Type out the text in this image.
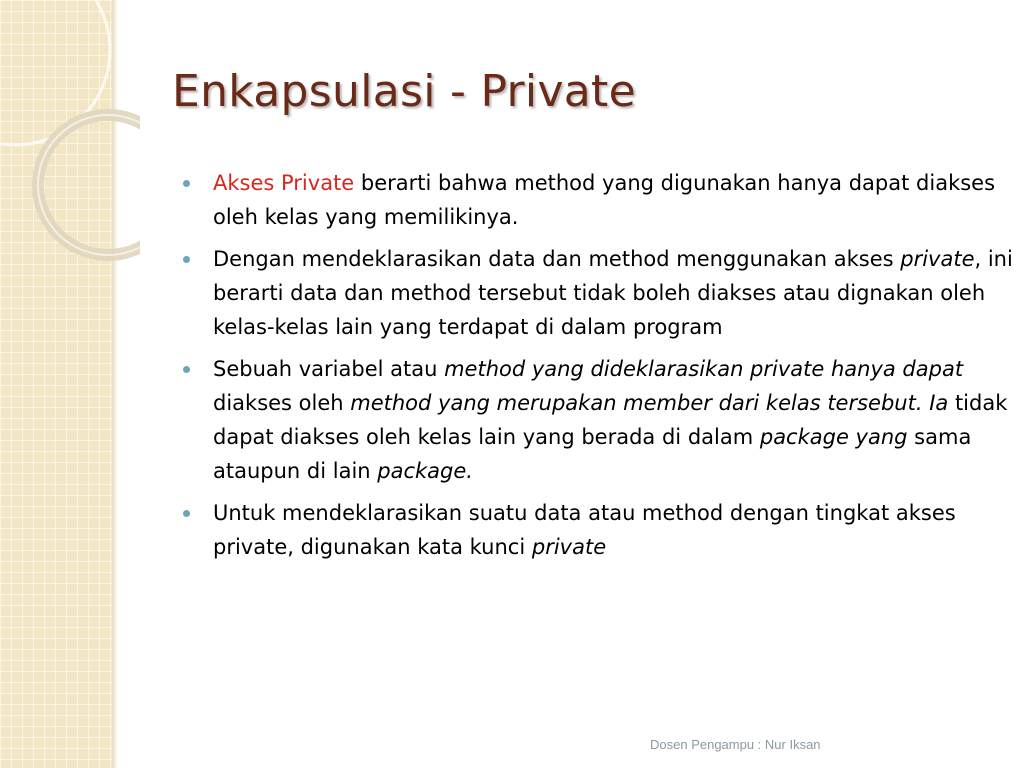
Enkapsulasi - Private
Akses Private berarti bahwa method yang digunakan hanya dapat diakses oleh kelas yang memilikinya.
Dengan mendeklarasikan data dan method menggunakan akses private, ini berarti data dan method tersebut tidak boleh diakses atau dignakan oleh kelas-kelas lain yang terdapat di dalam program
Sebuah variabel atau method yang dideklarasikan private hanya dapat diakses oleh method yang merupakan member dari kelas tersebut. Ia tidak dapat diakses oleh kelas lain yang berada di dalam package yang sama ataupun di lain package.
Untuk mendeklarasikan suatu data atau method dengan tingkat akses private, digunakan kata kunci private
Dosen Pengampu : Nur Iksan
